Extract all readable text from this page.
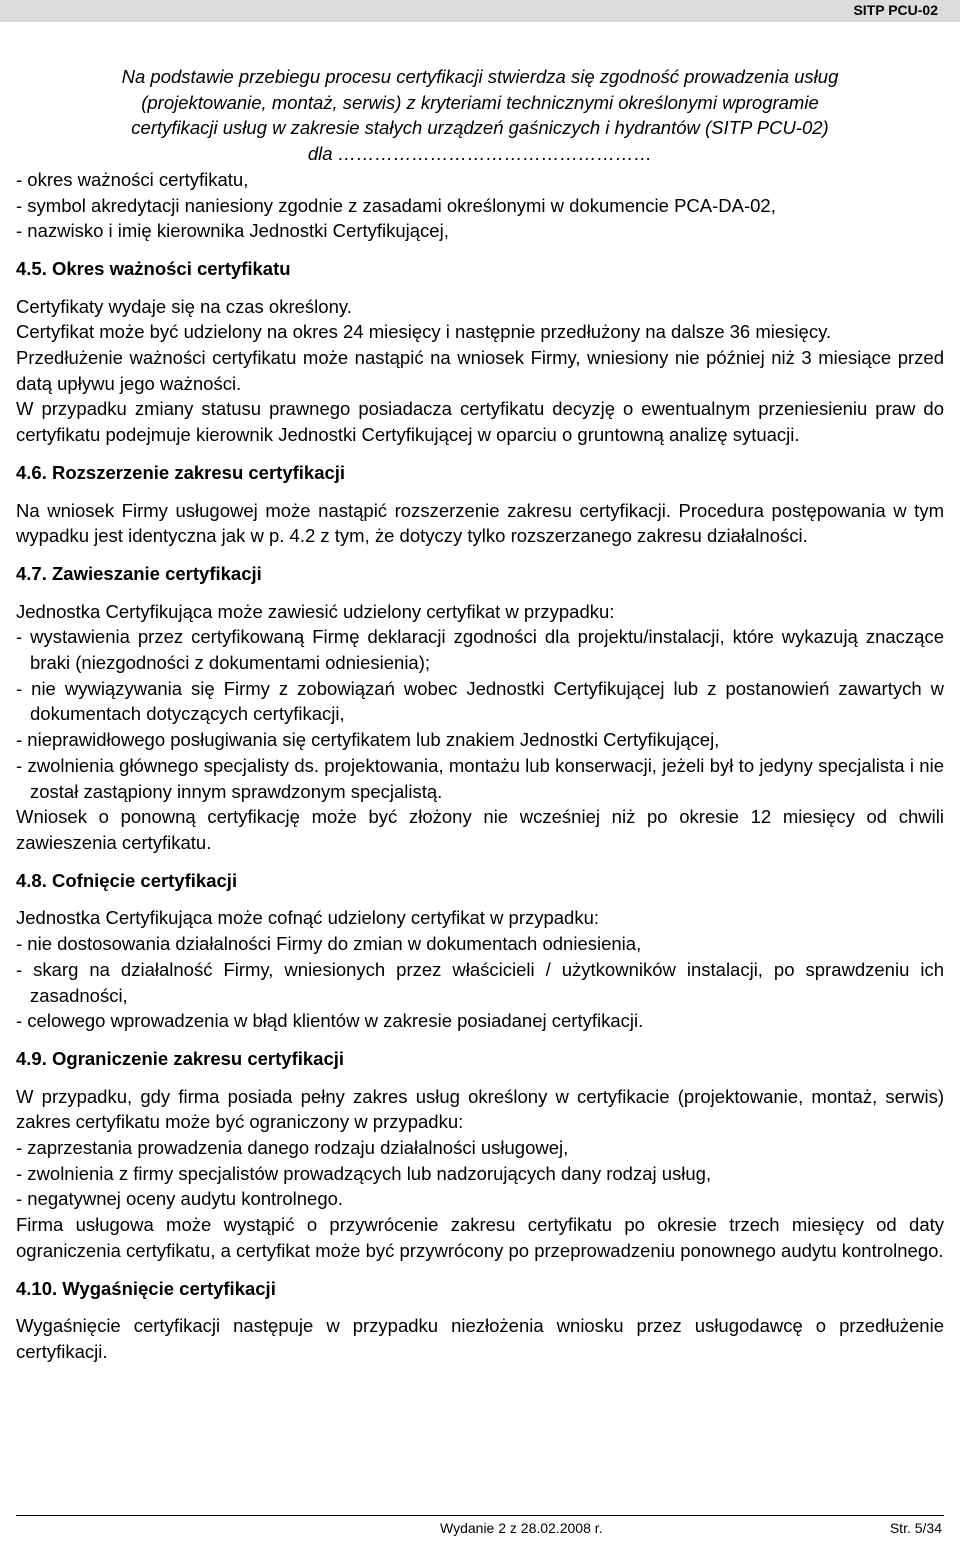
SITP PCU-02
Na podstawie przebiegu procesu certyfikacji stwierdza się zgodność prowadzenia usług
(projektowanie, montaż, serwis) z kryteriami technicznymi określonymi wprogramie
certyfikacji usług w zakresie stałych urządzeń gaśniczych i hydrantów (SITP PCU-02)
dla ……………………………………………
- okres ważności certyfikatu,
- symbol akredytacji naniesiony zgodnie z zasadami określonymi w dokumencie PCA-DA-02,
- nazwisko i imię kierownika Jednostki Certyfikującej,
4.5. Okres ważności certyfikatu

Certyfikaty wydaje się na czas określony.

Certyfikat może być udzielony na okres 24 miesięcy i następnie przedłużony na dalsze 36 miesięcy.

Przedłużenie ważności certyfikatu może nastąpić na wniosek Firmy, wniesiony nie później niż 3 miesiące przed datą upływu jego ważności.

W przypadku zmiany statusu prawnego posiadacza certyfikatu decyzję o ewentualnym przeniesieniu praw do certyfikatu podejmuje kierownik Jednostki Certyfikującej w oparciu o gruntowną analizę sytuacji.

4.6. Rozszerzenie zakresu certyfikacji

Na wniosek Firmy usługowej może nastąpić rozszerzenie zakresu certyfikacji. Procedura postępowania w tym wypadku jest identyczna jak w p. 4.2 z tym, że dotyczy tylko rozszerzanego zakresu działalności.

4.7. Zawieszanie certyfikacji

Jednostka Certyfikująca może zawiesić udzielony certyfikat w przypadku:

- wystawienia przez certyfikowaną Firmę deklaracji zgodności dla projektu/instalacji, które wykazują znaczące braki (niezgodności z dokumentami odniesienia);
- nie wywiązywania się Firmy z zobowiązań wobec Jednostki Certyfikującej lub z postanowień zawartych w dokumentach dotyczących certyfikacji,
- nieprawidłowego posługiwania się certyfikatem lub znakiem Jednostki Certyfikującej,
- zwolnienia głównego specjalisty ds. projektowania, montażu lub konserwacji, jeżeli był to jedyny specjalista i nie został zastąpiony innym sprawdzonym specjalistą.

Wniosek o ponowną certyfikację może być złożony nie wcześniej niż po okresie 12 miesięcy od chwili zawieszenia certyfikatu.

4.8. Cofnięcie certyfikacji

Jednostka Certyfikująca może cofnąć udzielony certyfikat w przypadku:

- nie dostosowania działalności Firmy do zmian w dokumentach odniesienia,
- skarg na działalność Firmy, wniesionych przez właścicieli / użytkowników instalacji, po sprawdzeniu ich zasadności,
- celowego wprowadzenia w błąd klientów w zakresie posiadanej certyfikacji.
4.9. Ograniczenie zakresu certyfikacji

W przypadku, gdy firma posiada pełny zakres usług określony w certyfikacie (projektowanie, montaż, serwis) zakres certyfikatu może być ograniczony w przypadku:

- zaprzestania prowadzenia danego rodzaju działalności usługowej,
- zwolnienia z firmy specjalistów prowadzących lub nadzorujących dany rodzaj usług,
- negatywnej oceny audytu kontrolnego.

Firma usługowa może wystąpić o przywrócenie zakresu certyfikatu po okresie trzech miesięcy od daty ograniczenia certyfikatu, a certyfikat może być przywrócony po przeprowadzeniu ponownego audytu kontrolnego.

4.10. Wygaśnięcie certyfikacji

Wygaśnięcie certyfikacji następuje w przypadku niezłożenia wniosku przez usługodawcę o przedłużenie certyfikacji.

Wydanie 2 z 28.02.2008 r.	Str. 5/34
